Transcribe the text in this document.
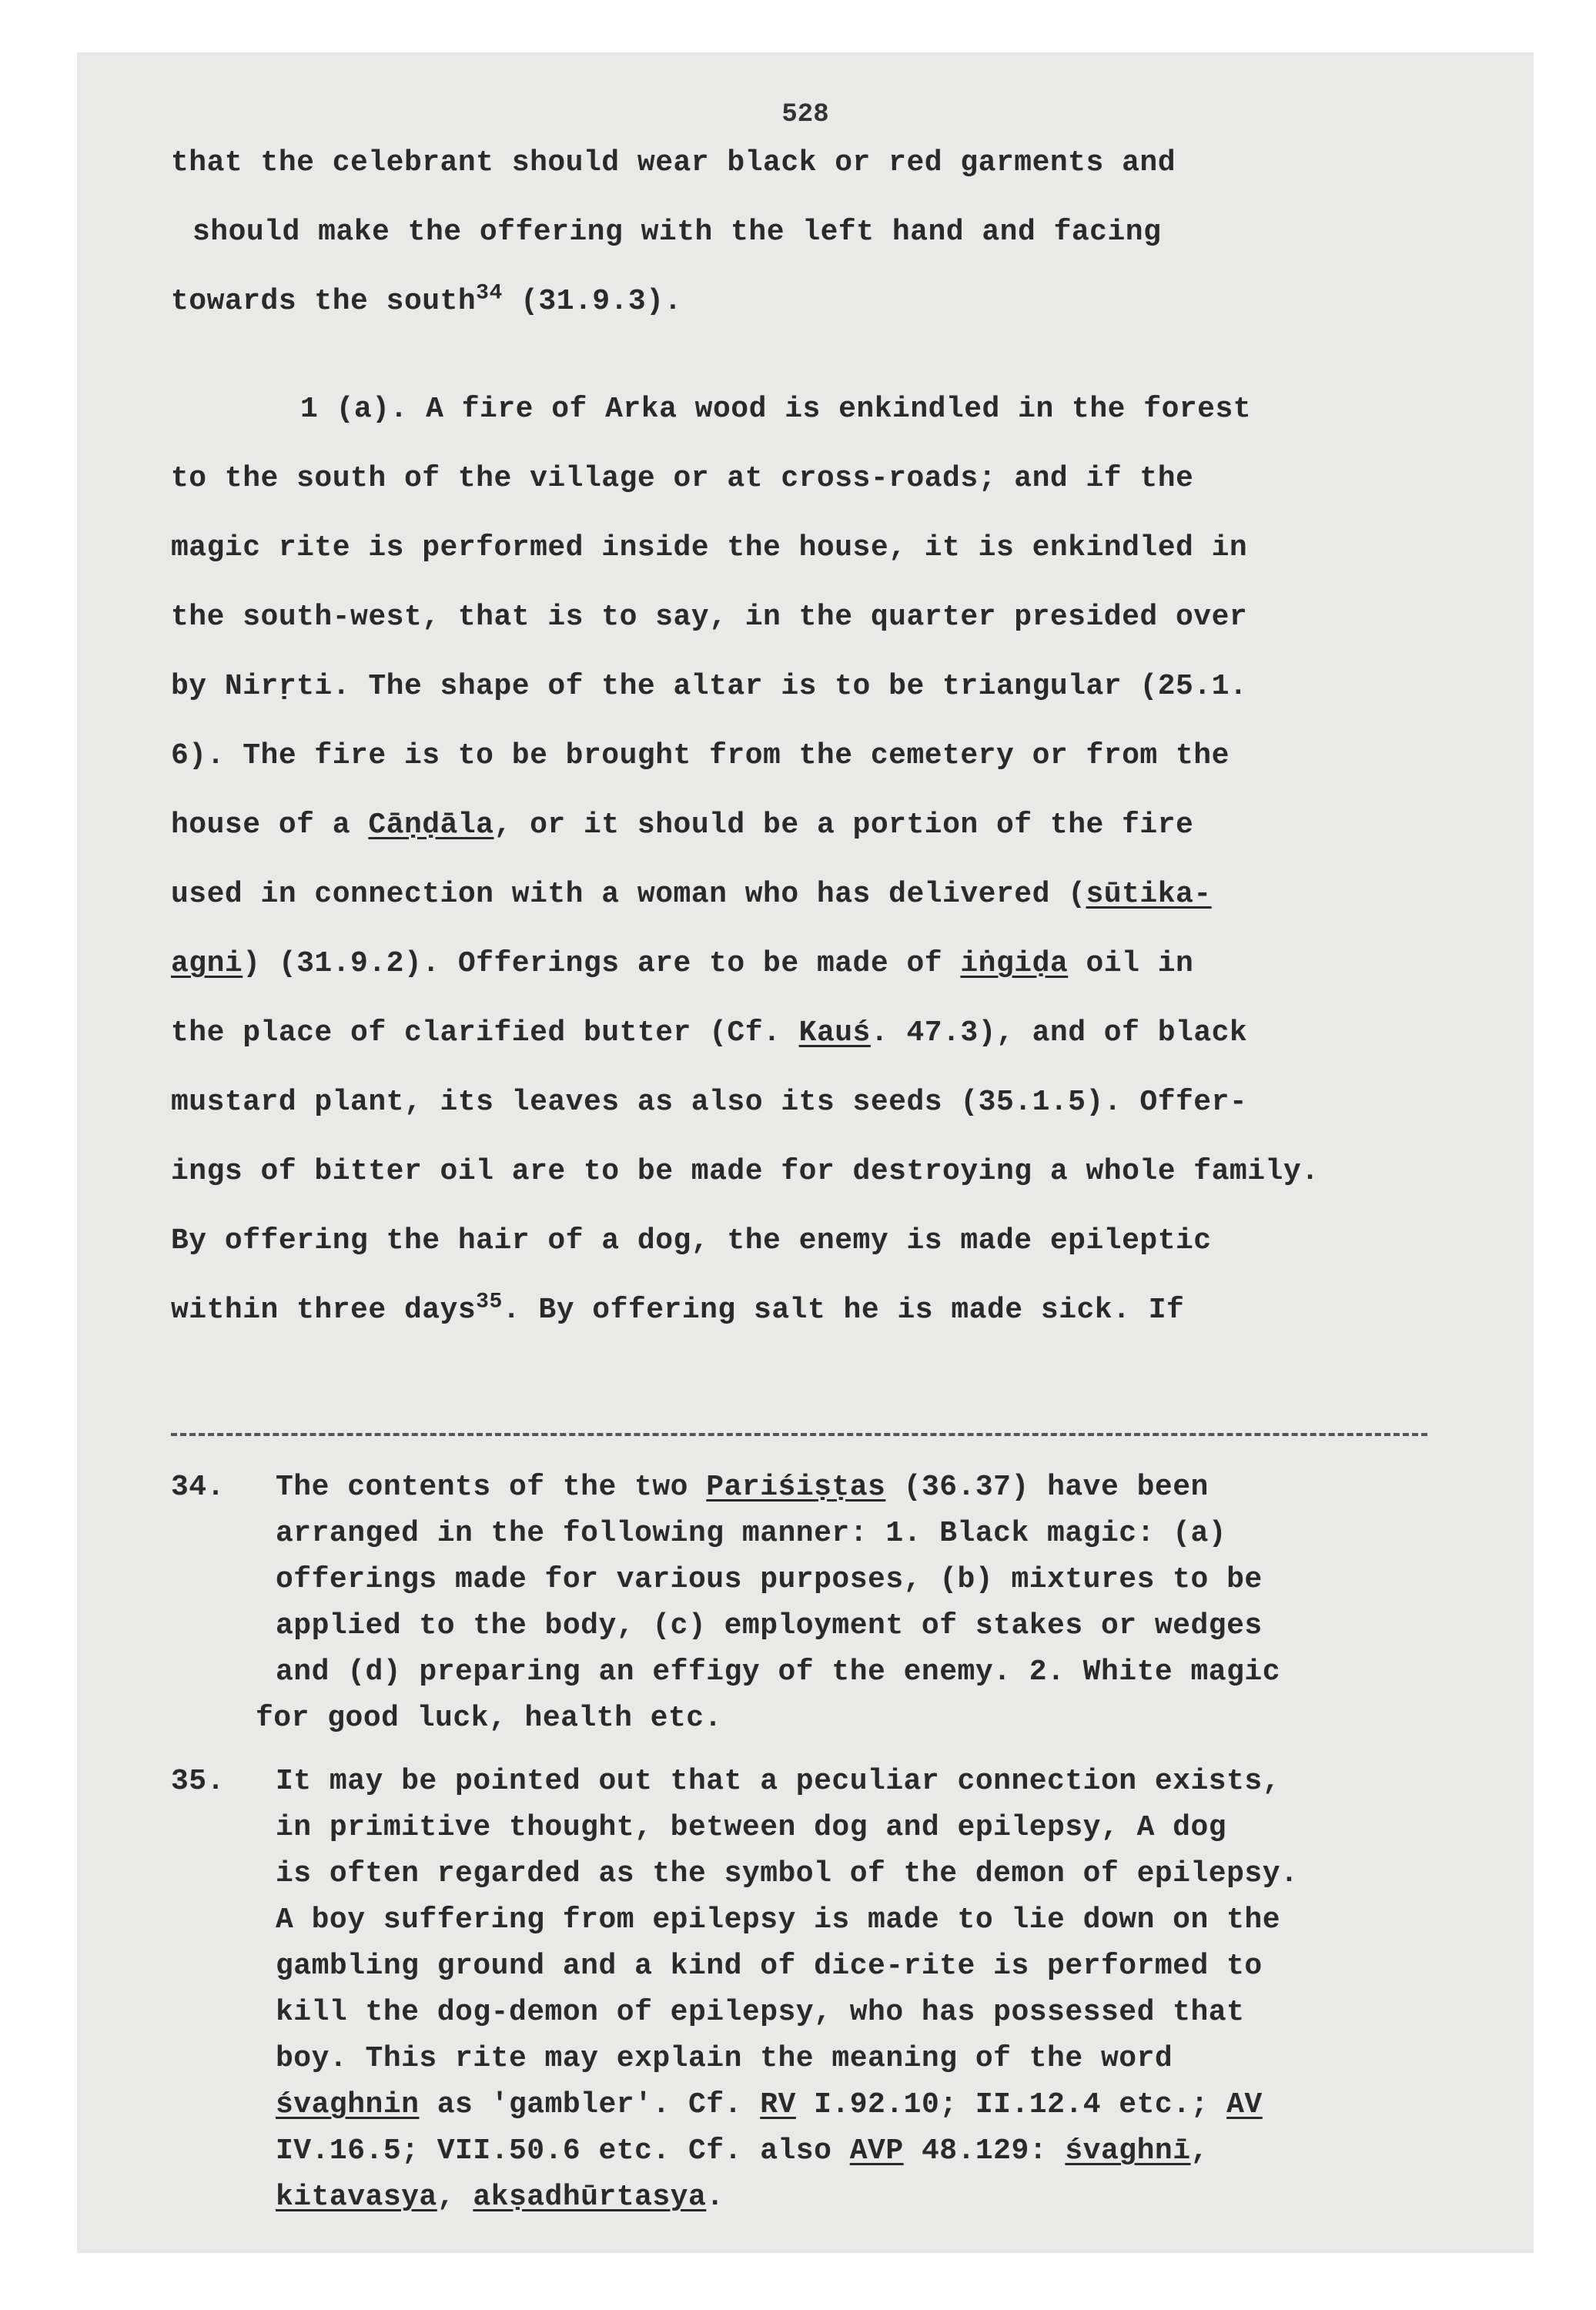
528
that the celebrant should wear black or red garments and
should make the offering with the left hand and facing
towards the south$^{34}$ (31.9.3).
1 (a). A fire of Arka wood is enkindled in the forest
to the south of the village or at cross-roads; and if the
magic rite is performed inside the house, it is enkindled in
the south-west, that is to say, in the quarter presided over
by Nirṛti. The shape of the altar is to be triangular (25.1.
6). The fire is to be brought from the cemetery or from the
house of a Cāṇḍāla, or it should be a portion of the fire
used in connection with a woman who has delivered (sūtika-
agni) (31.9.2). Offerings are to be made of iṅgiḍa oil in
the place of clarified butter (Cf. Kauś. 47.3), and of black
mustard plant, its leaves as also its seeds (35.1.5). Offer-
ings of bitter oil are to be made for destroying a whole family.
By offering the hair of a dog, the enemy is made epileptic
within three days$^{35}$. By offering salt he is made sick. If
34. The contents of the two Pariśiṣṭas (36.37) have been
arranged in the following manner: 1. Black magic: (a)
offerings made for various purposes, (b) mixtures to be
applied to the body, (c) employment of stakes or wedges
and (d) preparing an effigy of the enemy. 2. White magic
for good luck, health etc.
35. It may be pointed out that a peculiar connection exists,
in primitive thought, between dog and epilepsy, A dog
is often regarded as the symbol of the demon of epilepsy.
A boy suffering from epilepsy is made to lie down on the
gambling ground and a kind of dice-rite is performed to
kill the dog-demon of epilepsy, who has possessed that
boy. This rite may explain the meaning of the word
śvaghnin as 'gambler'. Cf. RV I.92.10; II.12.4 etc.; AV
IV.16.5; VII.50.6 etc. Cf. also AVP 48.129: śvaghnī,
kitavasya, akṣadhūrtasya.
